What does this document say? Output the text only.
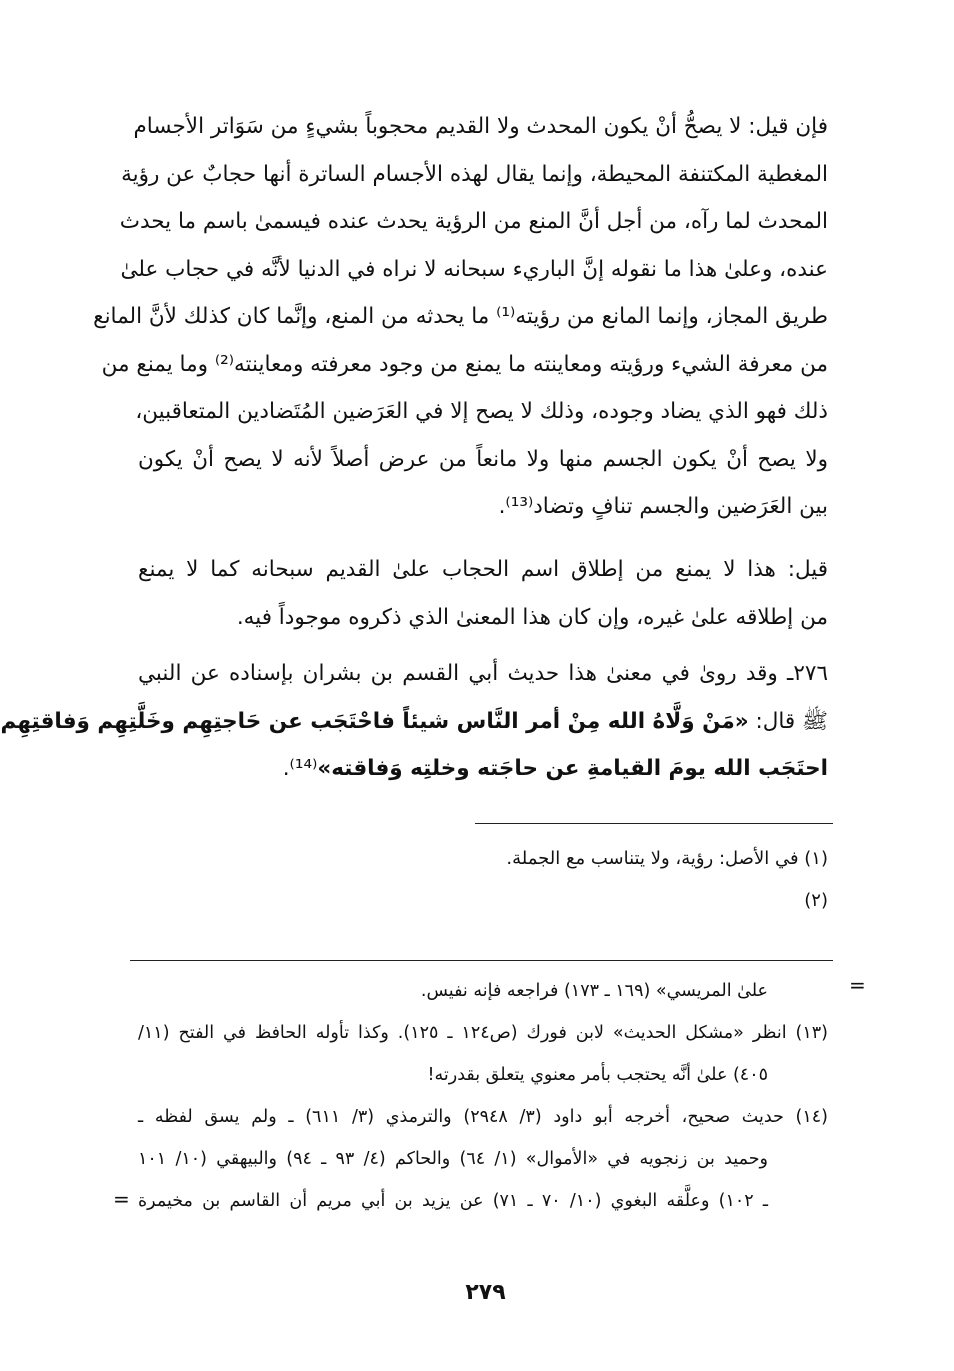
فإن قيل: لا يصحُّ أنْ يكون المحدث ولا القديم محجوباً بشيءٍ من سَوَاتر الأجسام
المغطية المكتنفة المحيطة، وإنما يقال لهذه الأجسام الساترة أنها حجابٌ عن رؤية
المحدث لما رآه، من أجل أنَّ المنع من الرؤية يحدث عنده فيسمىٰ باسم ما يحدث
عنده، وعلىٰ هذا ما نقوله إنَّ الباريء سبحانه لا نراه في الدنيا لأنَّه في حجاب علىٰ
طريق المجاز، وإنما المانع من رؤيته⁽¹⁾ ما يحدثه من المنع، وإنَّما كان كذلك لأنَّ المانع
من معرفة الشيء ورؤيته ومعاينته ما يمنع من وجود معرفته ومعاينته⁽²⁾ وما يمنع من
ذلك فهو الذي يضاد وجوده، وذلك لا يصح إلا في العَرَضين المُتَضادين المتعاقبين،
ولا يصح أنْ يكون الجسم منها ولا مانعاً من عرض أصلاً لأنه لا يصح أنْ يكون
بين العَرَضين والجسم تنافٍ وتضاد⁽¹³⁾.
قيل: هذا لا يمنع من إطلاق اسم الحجاب علىٰ القديم سبحانه كما لا يمنع
من إطلاقه علىٰ غيره، وإن كان هذا المعنىٰ الذي ذكروه موجوداً فيه.
٢٧٦ـ وقد روىٰ في معنىٰ هذا حديث أبي القسم بن بشران بإسناده عن النبي
ﷺ قال: «مَنْ وَلَّاهُ الله مِنْ أمر النَّاس شيئاً فاحْتَجَب عن حَاجتِهِم وخَلَّتِهِم وَفاقتِهِم
احتَجَب الله يومَ القيامةِ عن حاجَته وخلتِه وَفاقته»⁽¹⁴⁾.
(١) في الأصل: رؤية، ولا يتناسب مع الجملة.
(٢)
=
علىٰ المريسي» (١٦٩ ـ ١٧٣) فراجعه فإنه نفيس.
(١٣) انظر «مشكل الحديث» لابن فورك (ص١٢٤ ـ ١٢٥). وكذا تأوله الحافظ في الفتح (١١/
٤٠٥) علىٰ أنَّه يحتجب بأمر معنوي يتعلق بقدرته!
(١٤) حديث صحيح، أخرجه أبو داود (٣/ ٢٩٤٨) والترمذي (٣/ ٦١١) ـ ولم يسق لفظه ـ
وحميد بن زنجويه في «الأموال» (١/ ٦٤) والحاكم (٤/ ٩٣ ـ ٩٤) والبيهقي (١٠/ ١٠١
ـ ١٠٢) وعلَّقه البغوي (١٠/ ٧٠ ـ ٧١) عن يزيد بن أبي مريم أن القاسم بن مخيمرة
=
٢٧٩
